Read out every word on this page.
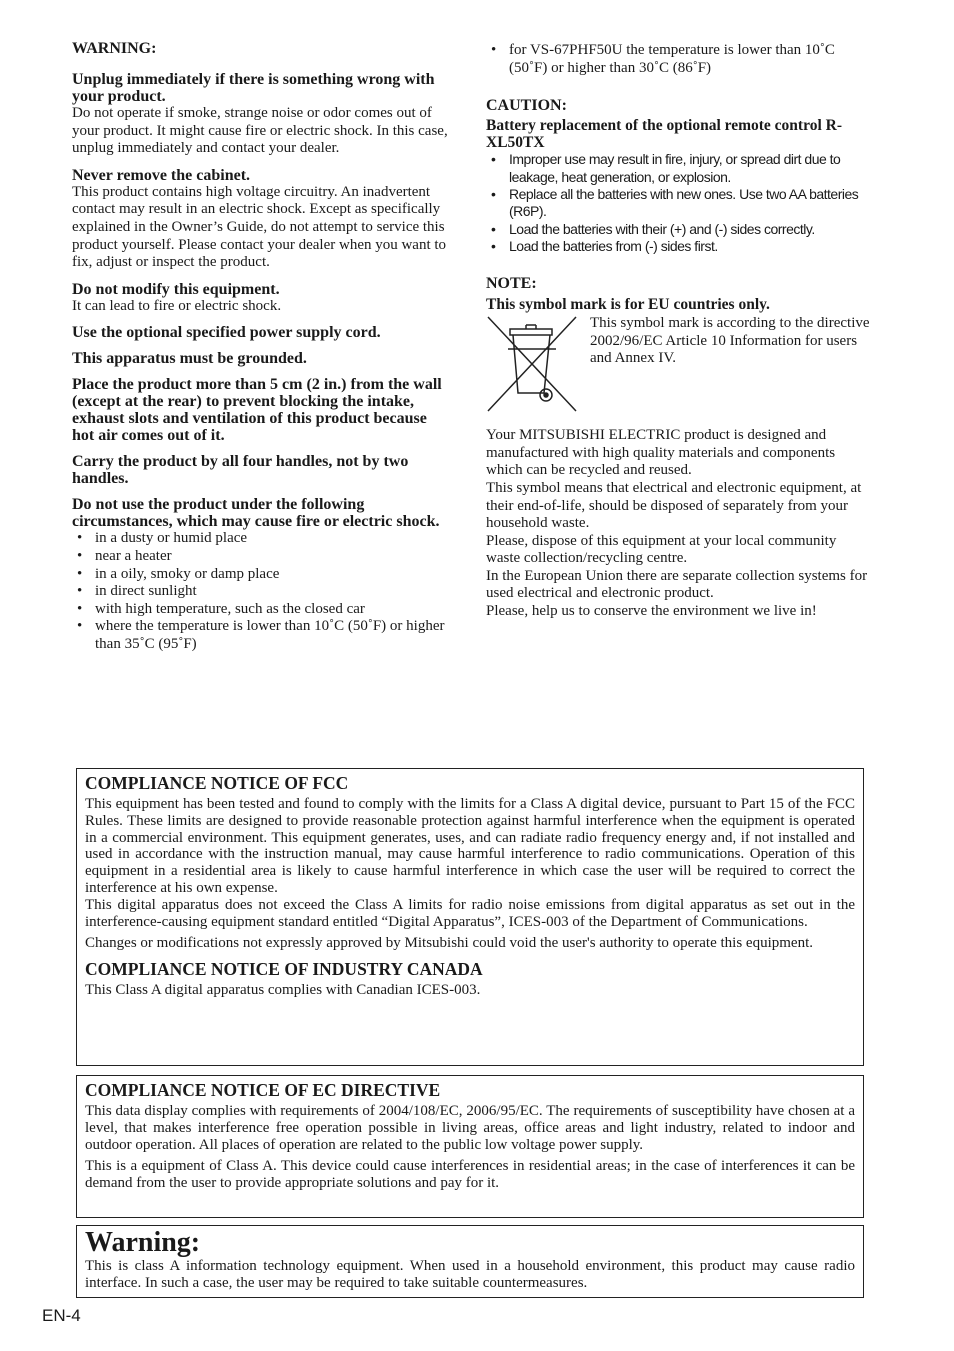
WARNING:

Unplug immediately if there is something wrong with your product.

Do not operate if smoke, strange noise or odor comes out of your product. It might cause fire or electric shock. In this case, unplug immediately and contact your dealer.

Never remove the cabinet.

This product contains high voltage circuitry. An inadvertent contact may result in an electric shock. Except as specifically explained in the Owner’s Guide, do not attempt to service this product yourself. Please contact your dealer when you want to fix, adjust or inspect the product.

Do not modify this equipment.

It can lead to fire or electric shock.

Use the optional specified power supply cord.

This apparatus must be grounded.

Place the product more than 5 cm (2 in.) from the wall (except at the rear) to prevent blocking the intake, exhaust slots and ventilation of this product because hot air comes out of it.

Carry the product by all four handles, not by two handles.

Do not use the product under the following circumstances, which may cause fire or electric shock.

• in a dusty or humid place
• near a heater
• in a oily, smoky or damp place
• in direct sunlight
• with high temperature, such as the closed car
• where the temperature is lower than 10˚C (50˚F) or higher than 35˚C (95˚F)
• for VS-67PHF50U the temperature is lower than 10˚C (50˚F) or higher than 30˚C (86˚F)

CAUTION:

Battery replacement of the optional remote control R-XL50TX

• Improper use may result in fire, injury, or spread dirt due to leakage, heat generation, or explosion.
• Replace all the batteries with new ones. Use two AA batteries (R6P).
• Load the batteries with their (+) and (-) sides correctly.
• Load the batteries from (-) sides first.

NOTE:

This symbol mark is for EU countries only.

This symbol mark is according to the directive 2002/96/EC Article 10 Information for users and Annex IV.

Your MITSUBISHI ELECTRIC product is designed and manufactured with high quality materials and components which can be recycled and reused.

This symbol means that electrical and electronic equipment, at their end-of-life, should be disposed of separately from your household waste.

Please, dispose of this equipment at your local community waste collection/recycling centre.

In the European Union there are separate collection systems for used electrical and electronic product.

Please, help us to conserve the environment we live in!

COMPLIANCE NOTICE OF FCC

This equipment has been tested and found to comply with the limits for a Class A digital device, pursuant to Part 15 of the FCC Rules. These limits are designed to provide reasonable protection against harmful interference when the equipment is operated in a commercial environment. This equipment generates, uses, and can radiate radio frequency energy and, if not installed and used in accordance with the instruction manual, may cause harmful interference to radio communications. Operation of this equipment in a residential area is likely to cause harmful interference in which case the user will be required to correct the interference at his own expense.

This digital apparatus does not exceed the Class A limits for radio noise emissions from digital apparatus as set out in the interference-causing equipment standard entitled “Digital Apparatus”, ICES-003 of the Department of Communications.

Changes or modifications not expressly approved by Mitsubishi could void the user's authority to operate this equipment.

COMPLIANCE NOTICE OF INDUSTRY CANADA

This Class A digital apparatus complies with Canadian ICES-003.

COMPLIANCE NOTICE OF EC DIRECTIVE

This data display complies with requirements of 2004/108/EC, 2006/95/EC. The requirements of susceptibility have chosen at a level, that makes interference free operation possible in living areas, office areas and light industry, related to indoor and outdoor operation. All places of operation are related to the public low voltage power supply.

This is a equipment of Class A. This device could cause interferences in residential areas; in the case of interferences it can be demand from the user to provide appropriate solutions and pay for it.

Warning:

This is class A information technology equipment. When used in a household environment, this product may cause radio interface. In such a case, the user may be required to take suitable countermeasures.

EN-4
